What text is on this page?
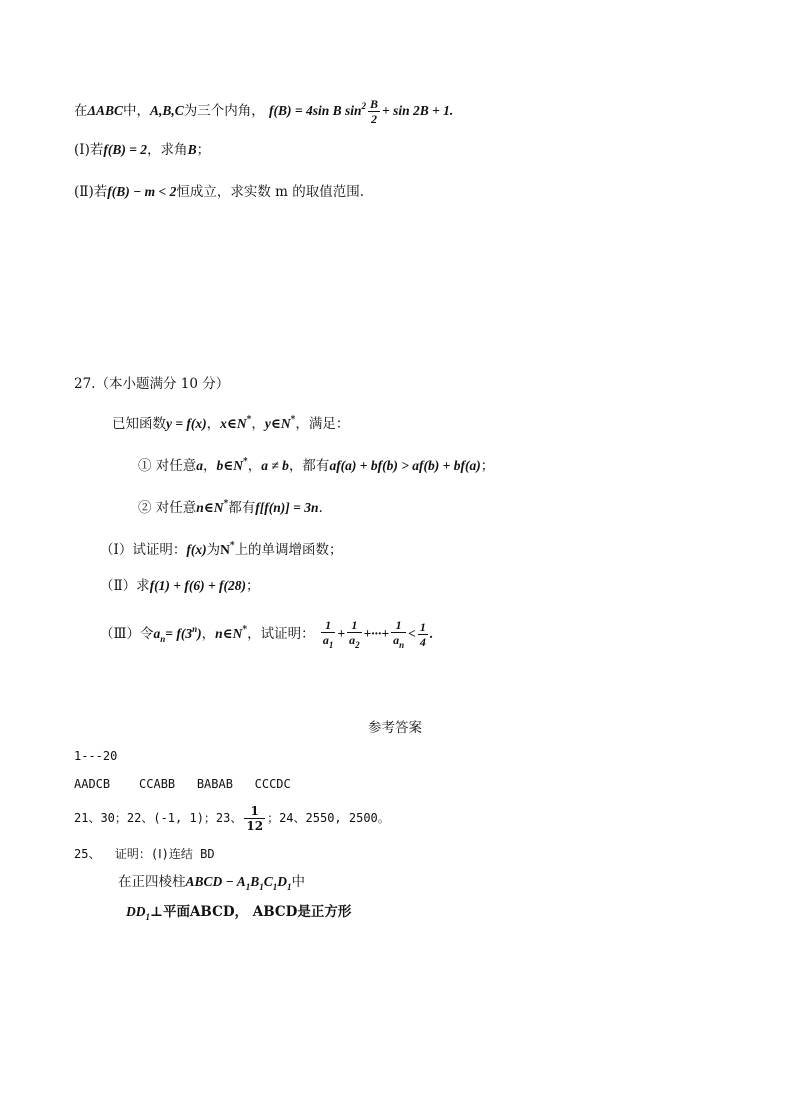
在ΔABC中，A,B,C为三个内角， f(B) = 4sin B $\sin^2 \frac{B}{2} + \sin 2B + 1$.
(Ⅰ)若f(B) = 2，求角B；
(Ⅱ)若f(B) − m < 2恒成立，求实数 m 的取值范围.
27.（本小题满分 10 分）
已知函数y = f(x)，x∈N*，y∈N*，满足：
① 对任意a，b∈N*，a ≠ b，都有af(a) + bf(b) > af(b) + bf(a)；
② 对任意n∈N*都有f[f(n)] = 3n.
（Ⅰ）试证明：f(x)为N*上的单调增函数；
（Ⅱ）求f(1) + f(6) + f(28)；
（Ⅲ）令$a_n= f(3^n)$，n∈N*，试证明： $\frac{1}{a_1} + \frac{1}{a_2}$ +···+ $\frac{1}{a_n} < \frac{1}{4}$ .
参考答案
1---20
AADCB    CCABB   BABAB   CCCDC
21、30；22、(-1, 1)；23、 $\frac{1}{12}$ ；24、2550, 2500。
25、  证明：(Ⅰ)连结 BD
在正四棱柱ABCD − $A_1B_1C_1D_1$中
$DD_1\perp$平面ABCD， ABCD是正方形
